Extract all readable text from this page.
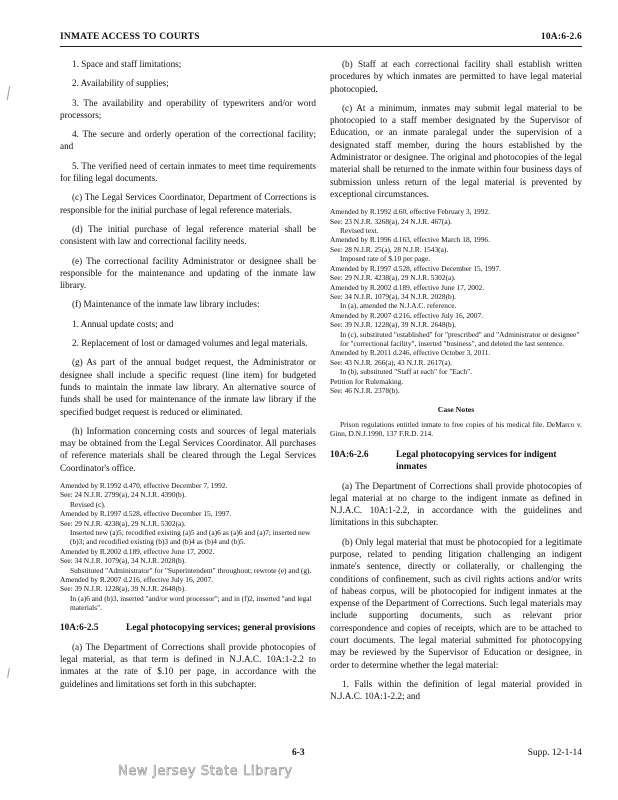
INMATE ACCESS TO COURTS	10A:6-2.6

1. Space and staff limitations;

2. Availability of supplies;

3. The availability and operability of typewriters and/or word processors;

4. The secure and orderly operation of the correctional facility; and

5. The verified need of certain inmates to meet time requirements for filing legal documents.

(c) The Legal Services Coordinator, Department of Corrections is responsible for the initial purchase of legal reference materials.

(d) The initial purchase of legal reference material shall be consistent with law and correctional facility needs.

(e) The correctional facility Administrator or designee shall be responsible for the maintenance and updating of the inmate law library.

(f) Maintenance of the inmate law library includes:

1. Annual update costs; and

2. Replacement of lost or damaged volumes and legal materials.

(g) As part of the annual budget request, the Administrator or designee shall include a specific request (line item) for budgeted funds to maintain the inmate law library. An alternative source of funds shall be used for maintenance of the inmate law library if the specified budget request is reduced or eliminated.

(h) Information concerning costs and sources of legal materials may be obtained from the Legal Services Coordinator. All purchases of reference materials shall be cleared through the Legal Services Coordinator's office.

Amended by R.1992 d.470, effective December 7, 1992.
See: 24 N.J.R. 2799(a), 24 N.J.R. 4390(b).
Revised (c).
Amended by R.1997 d.528, effective December 15, 1997.
See: 29 N.J.R. 4238(a), 29 N.J.R. 5302(a).
Inserted new (a)5; recodified existing (a)5 and (a)6 as (a)6 and (a)7; inserted new (b)3; and recodified existing (b)3 and (b)4 as (b)4 and (b)5.
Amended by R.2002 d.189, effective June 17, 2002.
See: 34 N.J.R. 1079(a), 34 N.J.R. 2028(b).
Substituted "Administrator" for "Superintendent" throughout; rewrote (e) and (g).
Amended by R.2007 d.216, effective July 16, 2007.
See: 39 N.J.R. 1228(a), 39 N.J.R. 2648(b).
In (a)6 and (b)3, inserted "and/or word processor"; and in (f)2, inserted "and legal materials".
10A:6-2.5	Legal photocopying services; general provisions

(a) The Department of Corrections shall provide photocopies of legal material, as that term is defined in N.J.A.C. 10A:1-2.2 to inmates at the rate of $.10 per page, in accordance with the guidelines and limitations set forth in this subchapter.

(b) Staff at each correctional facility shall establish written procedures by which inmates are permitted to have legal material photocopied.

(c) At a minimum, inmates may submit legal material to be photocopied to a staff member designated by the Supervisor of Education, or an inmate paralegal under the supervision of a designated staff member, during the hours established by the Administrator or designee. The original and photocopies of the legal material shall be returned to the inmate within four business days of submission unless return of the legal material is prevented by exceptional circumstances.

Amended by R.1992 d.60, effective February 3, 1992.
See: 23 N.J.R. 3268(a), 24 N.J.R. 467(a).
Revised text.
Amended by R.1996 d.163, effective March 18, 1996.
See: 28 N.J.R. 25(a), 28 N.J.R. 1543(a).
Imposed rate of $.10 per page.
Amended by R.1997 d.528, effective December 15, 1997.
See: 29 N.J.R. 4238(a), 29 N.J.R. 5302(a).
Amended by R.2002 d.189, effective June 17, 2002.
See: 34 N.J.R. 1079(a), 34 N.J.R. 2028(b).
In (a), amended the N.J.A.C. reference.
Amended by R.2007 d.216, effective July 16, 2007.
See: 39 N.J.R. 1228(a), 39 N.J.R. 2648(b).
In (c), substituted "established" for "prescribed" and "Administrator or designee" for "correctional facility", inserted "business", and deleted the last sentence.
Amended by R.2011 d.246, effective October 3, 2011.
See: 43 N.J.R. 266(a), 43 N.J.R. 2617(a).
In (b), substituted "Staff at each" for "Each".
Petition for Rulemaking.
See: 46 N.J.R. 2378(b).
Case Notes
Prison regulations entitled inmate to free copies of his medical file. DeMarco v. Ginn, D.N.J.1990, 137 F.R.D. 214.
10A:6-2.6	Legal photocopying services for indigent inmates

(a) The Department of Corrections shall provide photocopies of legal material at no charge to the indigent inmate as defined in N.J.A.C. 10A:1-2.2, in accordance with the guidelines and limitations in this subchapter.

(b) Only legal material that must be photocopied for a legitimate purpose, related to pending litigation challenging an indigent inmate's sentence, directly or collaterally, or challenging the conditions of confinement, such as civil rights actions and/or writs of habeas corpus, will be photocopied for indigent inmates at the expense of the Department of Corrections. Such legal materials may include supporting documents, such as relevant prior correspondence and copies of receipts, which are to be attached to court documents. The legal material submitted for photocopying may be reviewed by the Supervisor of Education or designee, in order to determine whether the legal material:

1. Falls within the definition of legal material provided in N.J.A.C. 10A:1-2.2; and

6-3	Supp. 12-1-14
New Jersey State Library
